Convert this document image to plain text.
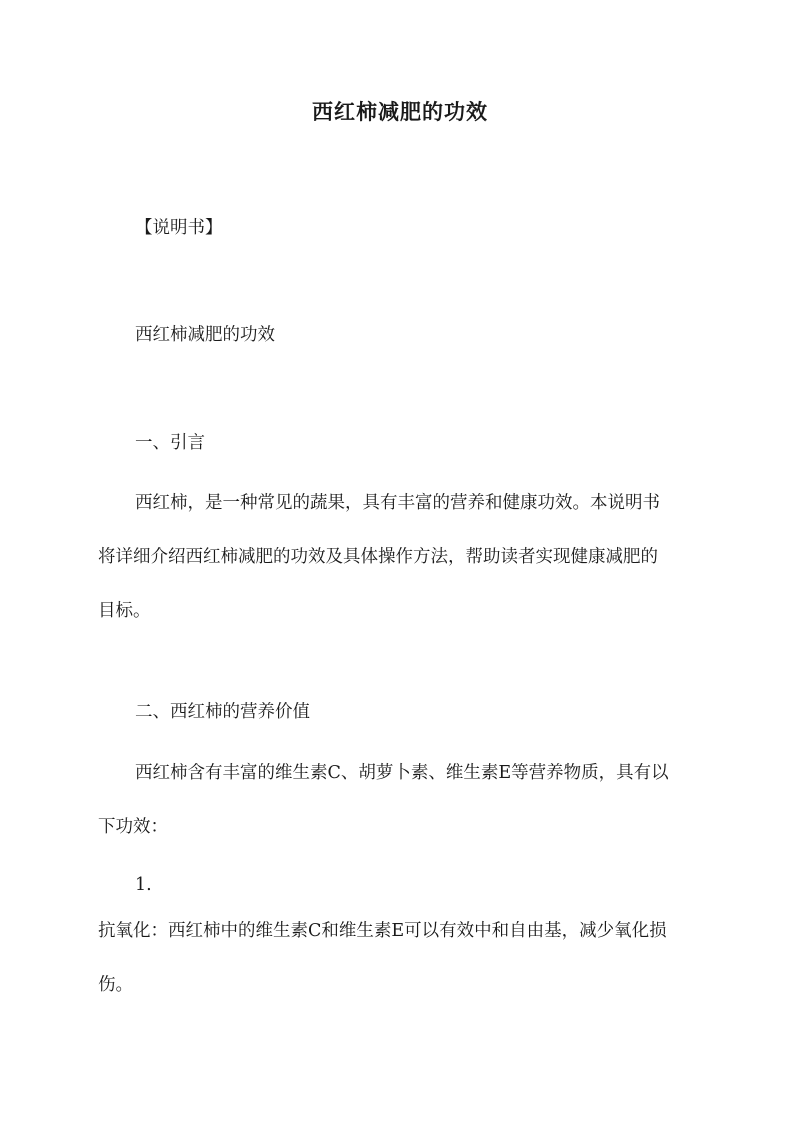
西红柿减肥的功效
【说明书】
西红柿减肥的功效
一、引言
西红柿，是一种常见的蔬果，具有丰富的营养和健康功效。本说明书
将详细介绍西红柿减肥的功效及具体操作方法，帮助读者实现健康减肥的
目标。
二、西红柿的营养价值
西红柿含有丰富的维生素C、胡萝卜素、维生素E等营养物质，具有以
下功效：
1.
抗氧化：西红柿中的维生素C和维生素E可以有效中和自由基，减少氧化损
伤。
